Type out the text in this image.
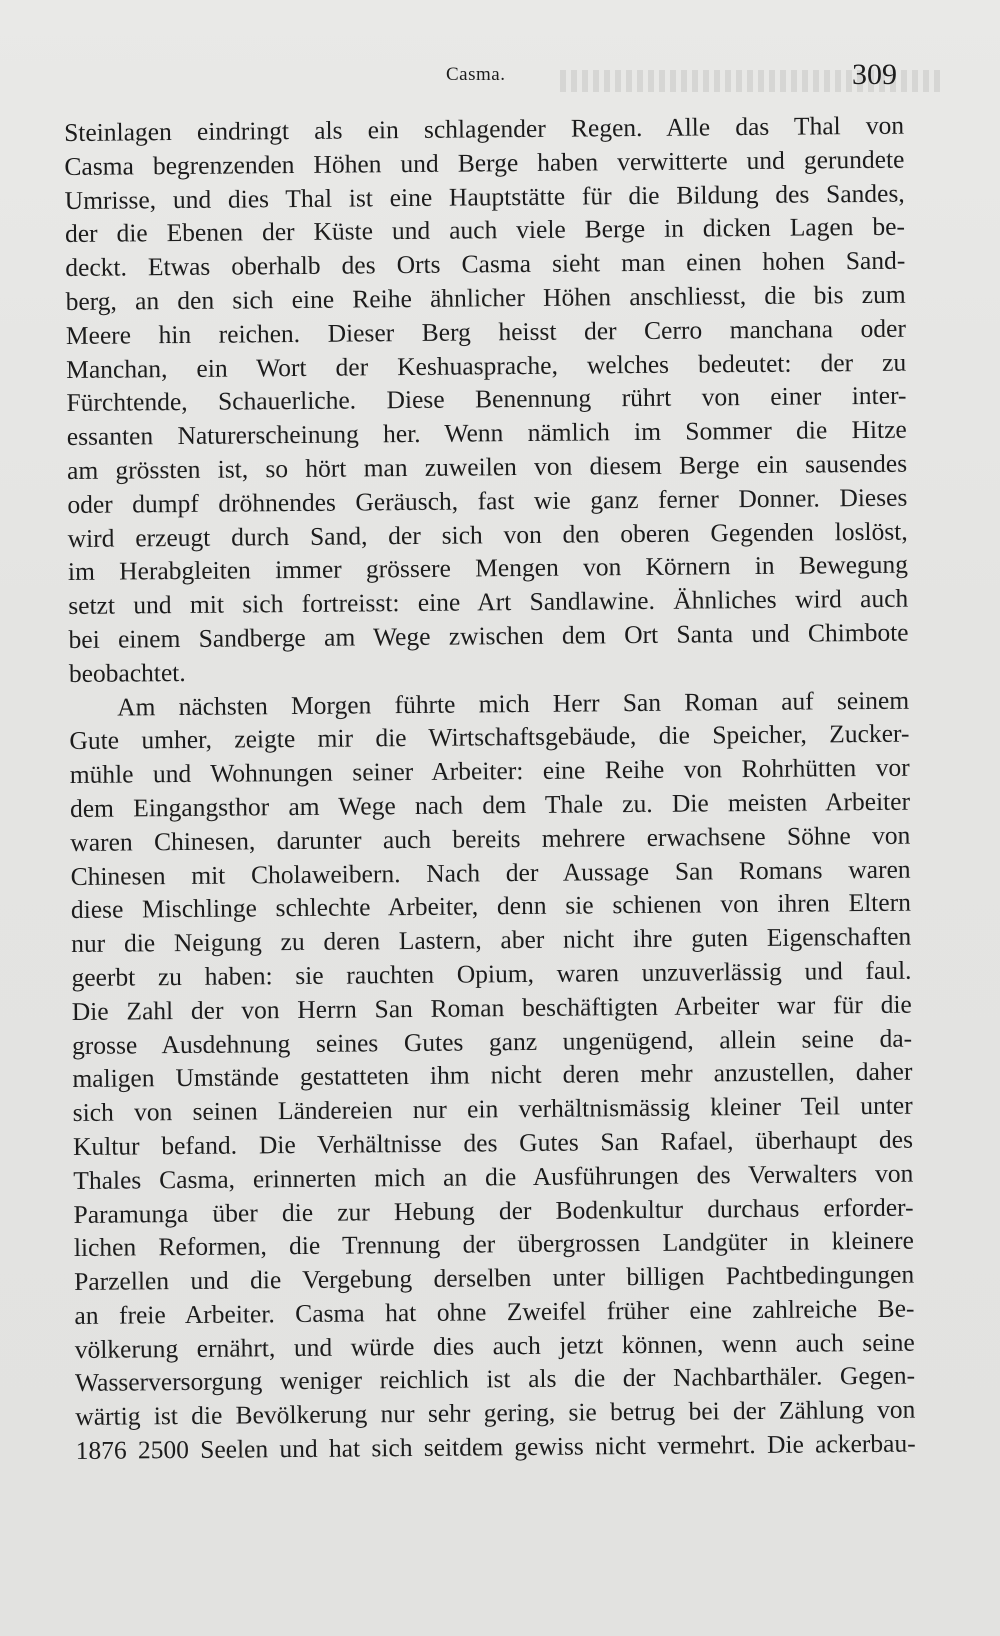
Casma.	309
Steinlagen eindringt als ein schlagender Regen. Alle das Thal von
Casma begrenzenden Höhen und Berge haben verwitterte und gerundete
Umrisse, und dies Thal ist eine Hauptstätte für die Bildung des Sandes,
der die Ebenen der Küste und auch viele Berge in dicken Lagen be-
deckt. Etwas oberhalb des Orts Casma sieht man einen hohen Sand-
berg, an den sich eine Reihe ähnlicher Höhen anschliesst, die bis zum
Meere hin reichen. Dieser Berg heisst der Cerro manchana oder
Manchan, ein Wort der Keshuasprache, welches bedeutet: der zu
Fürchtende, Schauerliche. Diese Benennung rührt von einer inter-
essanten Naturerscheinung her. Wenn nämlich im Sommer die Hitze
am grössten ist, so hört man zuweilen von diesem Berge ein sausendes
oder dumpf dröhnendes Geräusch, fast wie ganz ferner Donner. Dieses
wird erzeugt durch Sand, der sich von den oberen Gegenden loslöst,
im Herabgleiten immer grössere Mengen von Körnern in Bewegung
setzt und mit sich fortreisst: eine Art Sandlawine. Ähnliches wird auch
bei einem Sandberge am Wege zwischen dem Ort Santa und Chimbote
beobachtet.
Am nächsten Morgen führte mich Herr San Roman auf seinem
Gute umher, zeigte mir die Wirtschaftsgebäude, die Speicher, Zucker-
mühle und Wohnungen seiner Arbeiter: eine Reihe von Rohrhütten vor
dem Eingangsthor am Wege nach dem Thale zu. Die meisten Arbeiter
waren Chinesen, darunter auch bereits mehrere erwachsene Söhne von
Chinesen mit Cholaweibern. Nach der Aussage San Romans waren
diese Mischlinge schlechte Arbeiter, denn sie schienen von ihren Eltern
nur die Neigung zu deren Lastern, aber nicht ihre guten Eigenschaften
geerbt zu haben: sie rauchten Opium, waren unzuverlässig und faul.
Die Zahl der von Herrn San Roman beschäftigten Arbeiter war für die
grosse Ausdehnung seines Gutes ganz ungenügend, allein seine da-
maligen Umstände gestatteten ihm nicht deren mehr anzustellen, daher
sich von seinen Ländereien nur ein verhältnismässig kleiner Teil unter
Kultur befand. Die Verhältnisse des Gutes San Rafael, überhaupt des
Thales Casma, erinnerten mich an die Ausführungen des Verwalters von
Paramunga über die zur Hebung der Bodenkultur durchaus erforder-
lichen Reformen, die Trennung der übergrossen Landgüter in kleinere
Parzellen und die Vergebung derselben unter billigen Pachtbedingungen
an freie Arbeiter. Casma hat ohne Zweifel früher eine zahlreiche Be-
völkerung ernährt, und würde dies auch jetzt können, wenn auch seine
Wasserversorgung weniger reichlich ist als die der Nachbarthäler. Gegen-
wärtig ist die Bevölkerung nur sehr gering, sie betrug bei der Zählung von
1876 2500 Seelen und hat sich seitdem gewiss nicht vermehrt. Die ackerbau-
